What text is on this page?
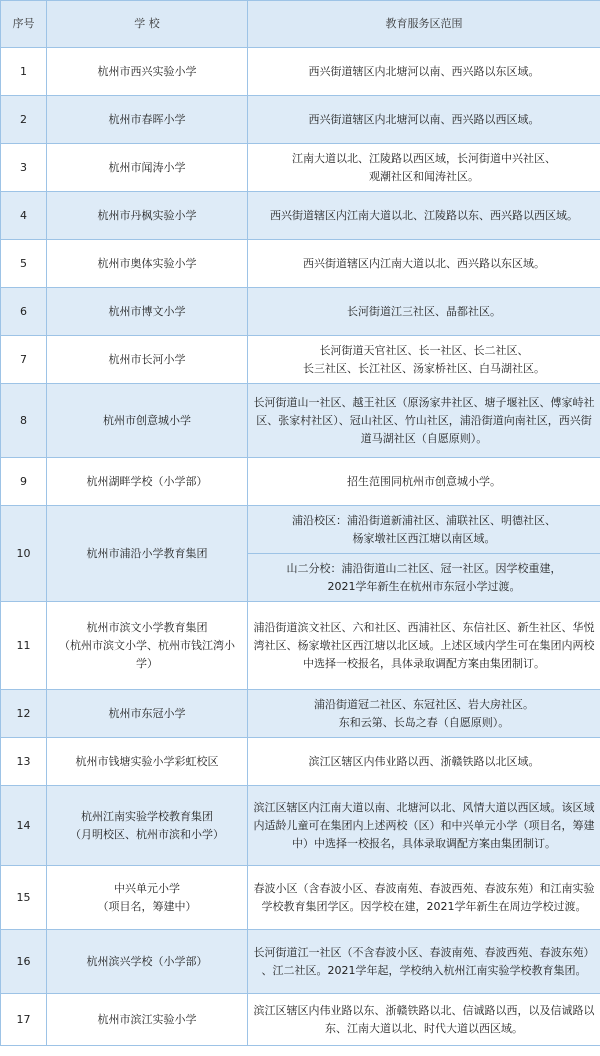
序号	学 校	教育服务区范围
1	杭州市西兴实验小学	西兴街道辖区内北塘河以南、西兴路以东区域。
2	杭州市春晖小学	西兴街道辖区内北塘河以南、西兴路以西区域。
3	杭州市闻涛小学	江南大道以北、江陵路以西区域，长河街道中兴社区、
观潮社区和闻涛社区。
4	杭州市丹枫实验小学	西兴街道辖区内江南大道以北、江陵路以东、西兴路以西区域。
5	杭州市奥体实验小学	西兴街道辖区内江南大道以北、西兴路以东区域。
6	杭州市博文小学	长河街道江三社区、晶都社区。
7	杭州市长河小学	长河街道天官社区、长一社区、长二社区、
长三社区、长江社区、汤家桥社区、白马湖社区。
8	杭州市创意城小学	长河街道山一社区、越王社区（原汤家井社区、塘子堰社区、傅家峙社
区、张家村社区）、冠山社区、竹山社区，浦沿街道向南社区，西兴街
道马湖社区（自愿原则）。
9	杭州湖畔学校（小学部）	招生范围同杭州市创意城小学。
10	杭州市浦沿小学教育集团	浦沿校区：浦沿街道新浦社区、浦联社区、明德社区、
杨家墩社区西江塘以南区域。
		山二分校：浦沿街道山二社区、冠一社区。因学校重建，
2021学年新生在杭州市东冠小学过渡。
11	杭州市滨文小学教育集团
（杭州市滨文小学、杭州市钱江湾小学）	浦沿街道滨文社区、六和社区、西浦社区、东信社区、新生社区、华悦
湾社区、杨家墩社区西江塘以北区域。上述区域内学生可在集团内两校
中选择一校报名，具体录取调配方案由集团制订。
12	杭州市东冠小学	浦沿街道冠二社区、东冠社区、岩大房社区。
东和云第、长岛之春（自愿原则）。
13	杭州市钱塘实验小学彩虹校区	滨江区辖区内伟业路以西、浙赣铁路以北区域。
14	杭州江南实验学校教育集团
（月明校区、杭州市滨和小学）	滨江区辖区内江南大道以南、北塘河以北、风情大道以西区域。该区域
内适龄儿童可在集团内上述两校（区）和中兴单元小学（项目名，筹建
中）中选择一校报名，具体录取调配方案由集团制订。
15	中兴单元小学
（项目名，筹建中）	春波小区（含春波小区、春波南苑、春波西苑、春波东苑）和江南实验
学校教育集团学区。因学校在建，2021学年新生在周边学校过渡。
16	杭州滨兴学校（小学部）	长河街道江一社区（不含春波小区、春波南苑、春波西苑、春波东苑）
、江二社区。2021学年起，学校纳入杭州江南实验学校教育集团。
17	杭州市滨江实验小学	滨江区辖区内伟业路以东、浙赣铁路以北、信诚路以西，以及信诚路以
东、江南大道以北、时代大道以西区域。
